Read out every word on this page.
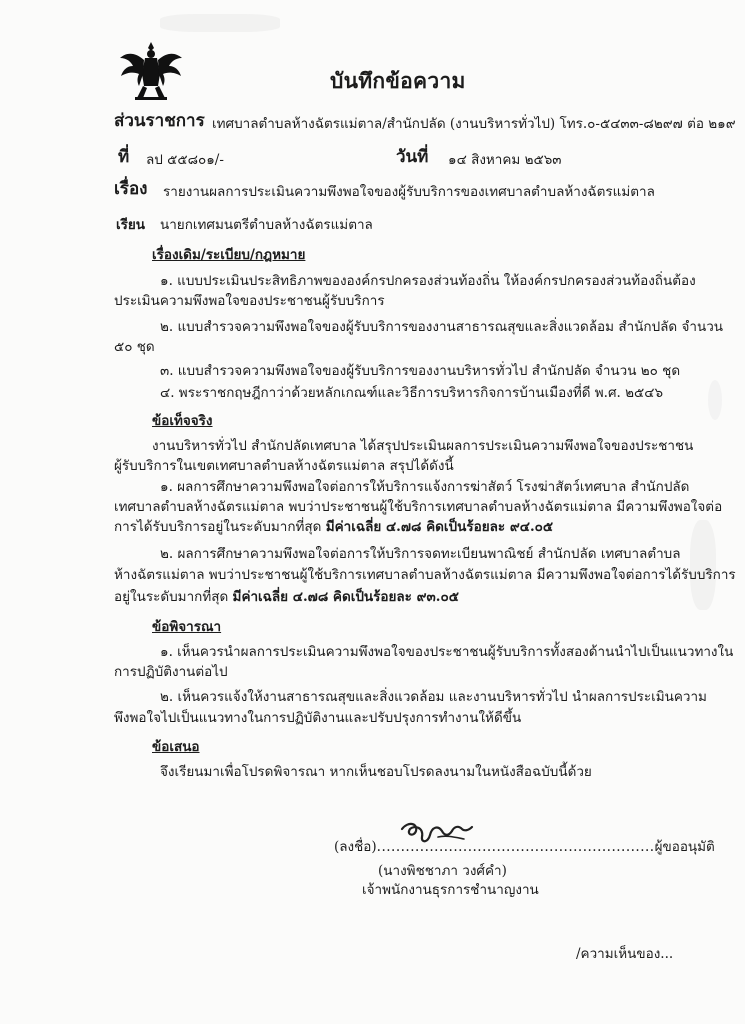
บันทึกข้อความ
ส่วนราชการ เทศบาลตำบลห้างฉัตรแม่ตาล/สำนักปลัด (งานบริหารทั่วไป) โทร.๐-๕๔๓๓-๘๒๙๗ ต่อ ๒๑๙
ที่ ลป ๕๕๘๐๑/-	วันที่ ๑๔ สิงหาคม ๒๕๖๓
เรื่อง รายงานผลการประเมินความพึงพอใจของผู้รับบริการของเทศบาลตำบลห้างฉัตรแม่ตาล
เรียน นายกเทศมนตรีตำบลห้างฉัตรแม่ตาล
เรื่องเดิม/ระเบียบ/กฎหมาย
๑. แบบประเมินประสิทธิภาพขององค์กรปกครองส่วนท้องถิ่น ให้องค์กรปกครองส่วนท้องถิ่นต้อง
ประเมินความพึงพอใจของประชาชนผู้รับบริการ
๒. แบบสำรวจความพึงพอใจของผู้รับบริการของงานสาธารณสุขและสิ่งแวดล้อม สำนักปลัด จำนวน
๕๐ ชุด
๓. แบบสำรวจความพึงพอใจของผู้รับบริการของงานบริหารทั่วไป สำนักปลัด จำนวน ๒๐ ชุด
๔. พระราชกฤษฎีกาว่าด้วยหลักเกณฑ์และวิธีการบริหารกิจการบ้านเมืองที่ดี พ.ศ. ๒๕๔๖
ข้อเท็จจริง
งานบริหารทั่วไป สำนักปลัดเทศบาล ได้สรุปประเมินผลการประเมินความพึงพอใจของประชาชน
ผู้รับบริการในเขตเทศบาลตำบลห้างฉัตรแม่ตาล สรุปได้ดังนี้
๑. ผลการศึกษาความพึงพอใจต่อการให้บริการแจ้งการฆ่าสัตว์ โรงฆ่าสัตว์เทศบาล สำนักปลัด
เทศบาลตำบลห้างฉัตรแม่ตาล พบว่าประชาชนผู้ใช้บริการเทศบาลตำบลห้างฉัตรแม่ตาล มีความพึงพอใจต่อ
การได้รับบริการอยู่ในระดับมากที่สุด มีค่าเฉลี่ย ๔.๗๘ คิดเป็นร้อยละ ๙๔.๐๕
๒. ผลการศึกษาความพึงพอใจต่อการให้บริการจดทะเบียนพาณิชย์ สำนักปลัด เทศบาลตำบล
ห้างฉัตรแม่ตาล พบว่าประชาชนผู้ใช้บริการเทศบาลตำบลห้างฉัตรแม่ตาล มีความพึงพอใจต่อการได้รับบริการ
อยู่ในระดับมากที่สุด มีค่าเฉลี่ย ๔.๗๘ คิดเป็นร้อยละ ๙๓.๐๕
ข้อพิจารณา
๑. เห็นควรนำผลการประเมินความพึงพอใจของประชาชนผู้รับบริการทั้งสองด้านนำไปเป็นแนวทางใน
การปฏิบัติงานต่อไป
๒. เห็นควรแจ้งให้งานสาธารณสุขและสิ่งแวดล้อม และงานบริหารทั่วไป นำผลการประเมินความ
พึงพอใจไปเป็นแนวทางในการปฏิบัติงานและปรับปรุงการทำงานให้ดีขึ้น
ข้อเสนอ
จึงเรียนมาเพื่อโปรดพิจารณา หากเห็นชอบโปรดลงนามในหนังสือฉบับนี้ด้วย
(ลงชื่อ)..........................................................ผู้ขออนุมัติ
(นางพิชชาภา วงศ์คำ)
เจ้าพนักงานธุรการชำนาญงาน
/ความเห็นของ...
